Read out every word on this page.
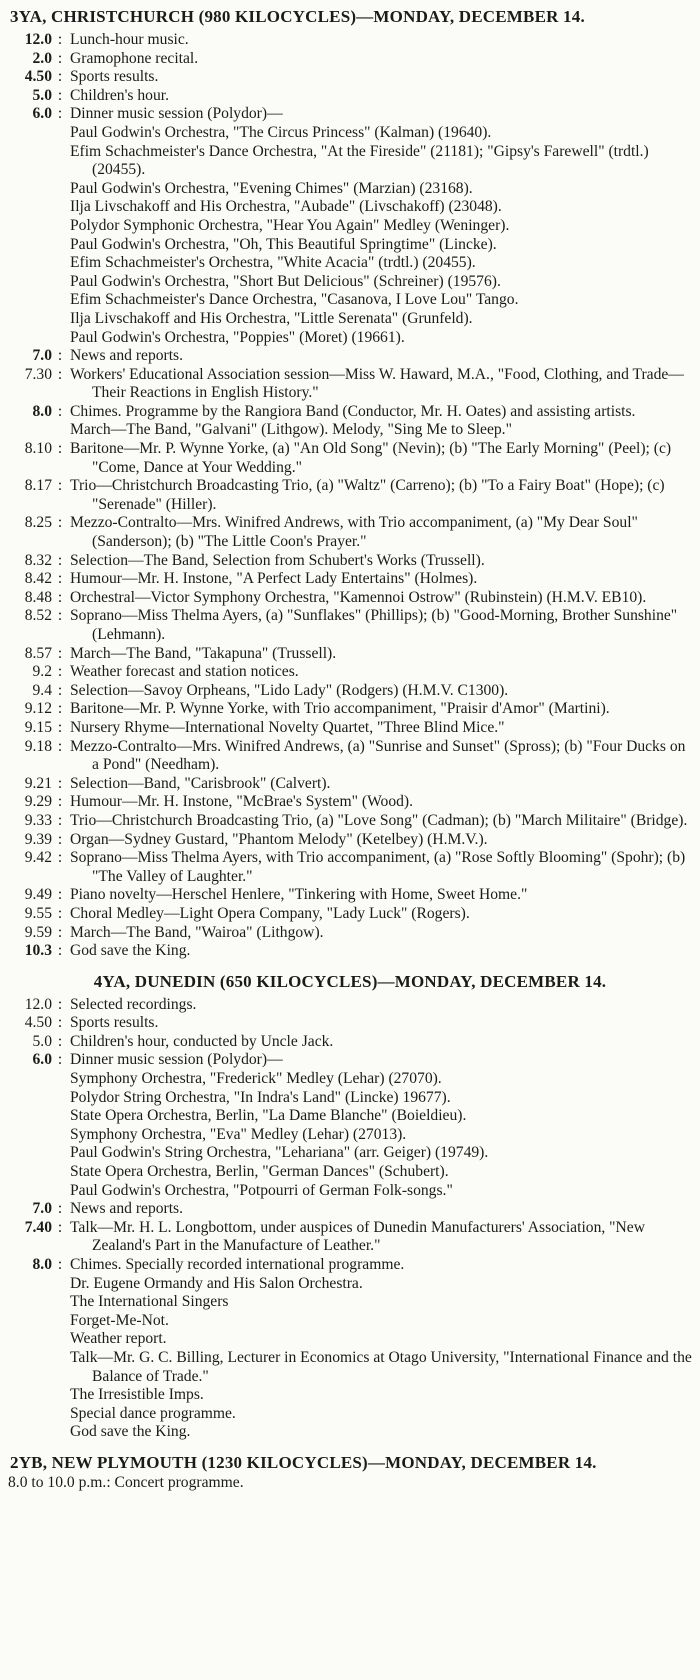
3YA, CHRISTCHURCH (980 KILOCYCLES)—MONDAY, DECEMBER 14.
12.0 : Lunch-hour music.
2.0 : Gramophone recital.
4.50 : Sports results.
5.0 : Children's hour.
6.0 : Dinner music session (Polydor)—
Paul Godwin's Orchestra, "The Circus Princess" (Kalman) (19640).
Efim Schachmeister's Dance Orchestra, "At the Fireside" (21181); "Gipsy's Farewell" (trdtl.) (20455).
Paul Godwin's Orchestra, "Evening Chimes" (Marzian) (23168).
Ilja Livschakoff and His Orchestra, "Aubade" (Livschakoff) (23048).
Polydor Symphonic Orchestra, "Hear You Again" Medley (Weninger).
Paul Godwin's Orchestra, "Oh, This Beautiful Springtime" (Lincke).
Efim Schachmeister's Orchestra, "White Acacia" (trdtl.) (20455).
Paul Godwin's Orchestra, "Short But Delicious" (Schreiner) (19576).
Efim Schachmeister's Dance Orchestra, "Casanova, I Love Lou" Tango.
Ilja Livschakoff and His Orchestra, "Little Serenata" (Grunfeld).
Paul Godwin's Orchestra, "Poppies" (Moret) (19661).
7.0 : News and reports.
7.30 : Workers' Educational Association session—Miss W. Haward, M.A., "Food, Clothing, and Trade—Their Reactions in English History."
8.0 : Chimes. Programme by the Rangiora Band (Conductor, Mr. H. Oates) and assisting artists.
March—The Band, "Galvani" (Lithgow). Melody, "Sing Me to Sleep."
8.10 : Baritone—Mr. P. Wynne Yorke, (a) "An Old Song" (Nevin); (b) "The Early Morning" (Peel); (c) "Come, Dance at Your Wedding."
8.17 : Trio—Christchurch Broadcasting Trio, (a) "Waltz" (Carreno); (b) "To a Fairy Boat" (Hope); (c) "Serenade" (Hiller).
8.25 : Mezzo-Contralto—Mrs. Winifred Andrews, with Trio accompaniment, (a) "My Dear Soul" (Sanderson); (b) "The Little Coon's Prayer."
8.32 : Selection—The Band, Selection from Schubert's Works (Trussell).
8.42 : Humour—Mr. H. Instone, "A Perfect Lady Entertains" (Holmes).
8.48 : Orchestral—Victor Symphony Orchestra, "Kamennoi Ostrow" (Rubinstein) (H.M.V. EB10).
8.52 : Soprano—Miss Thelma Ayers, (a) "Sunflakes" (Phillips); (b) "Good-Morning, Brother Sunshine" (Lehmann).
8.57 : March—The Band, "Takapuna" (Trussell).
9.2 : Weather forecast and station notices.
9.4 : Selection—Savoy Orpheans, "Lido Lady" (Rodgers) (H.M.V. C1300).
9.12 : Baritone—Mr. P. Wynne Yorke, with Trio accompaniment, "Praisir d'Amor" (Martini).
9.15 : Nursery Rhyme—International Novelty Quartet, "Three Blind Mice."
9.18 : Mezzo-Contralto—Mrs. Winifred Andrews, (a) "Sunrise and Sunset" (Spross); (b) "Four Ducks on a Pond" (Needham).
9.21 : Selection—Band, "Carisbrook" (Calvert).
9.29 : Humour—Mr. H. Instone, "McBrae's System" (Wood).
9.33 : Trio—Christchurch Broadcasting Trio, (a) "Love Song" (Cadman); (b) "March Militaire" (Bridge).
9.39 : Organ—Sydney Gustard, "Phantom Melody" (Ketelbey) (H.M.V.).
9.42 : Soprano—Miss Thelma Ayers, with Trio accompaniment, (a) "Rose Softly Blooming" (Spohr); (b) "The Valley of Laughter."
9.49 : Piano novelty—Herschel Henlere, "Tinkering with Home, Sweet Home."
9.55 : Choral Medley—Light Opera Company, "Lady Luck" (Rogers).
9.59 : March—The Band, "Wairoa" (Lithgow).
10.3 : God save the King.
4YA, DUNEDIN (650 KILOCYCLES)—MONDAY, DECEMBER 14.
12.0 : Selected recordings.
4.50 : Sports results.
5.0 : Children's hour, conducted by Uncle Jack.
6.0 : Dinner music session (Polydor)—
Symphony Orchestra, "Frederick" Medley (Lehar) (27070).
Polydor String Orchestra, "In Indra's Land" (Lincke) 19677).
State Opera Orchestra, Berlin, "La Dame Blanche" (Boieldieu).
Symphony Orchestra, "Eva" Medley (Lehar) (27013).
Paul Godwin's String Orchestra, "Lehariana" (arr. Geiger) (19749).
State Opera Orchestra, Berlin, "German Dances" (Schubert).
Paul Godwin's Orchestra, "Potpourri of German Folk-songs."
7.0 : News and reports.
7.40 : Talk—Mr. H. L. Longbottom, under auspices of Dunedin Manufacturers' Association, "New Zealand's Part in the Manufacture of Leather."
8.0 : Chimes. Specially recorded international programme.
Dr. Eugene Ormandy and His Salon Orchestra.
The International Singers
Forget-Me-Not.
Weather report.
Talk—Mr. G. C. Billing, Lecturer in Economics at Otago University, "International Finance and the Balance of Trade."
The Irresistible Imps.
Special dance programme.
God save the King.
2YB, NEW PLYMOUTH (1230 KILOCYCLES)—MONDAY, DECEMBER 14.
8.0 to 10.0 p.m.: Concert programme.
